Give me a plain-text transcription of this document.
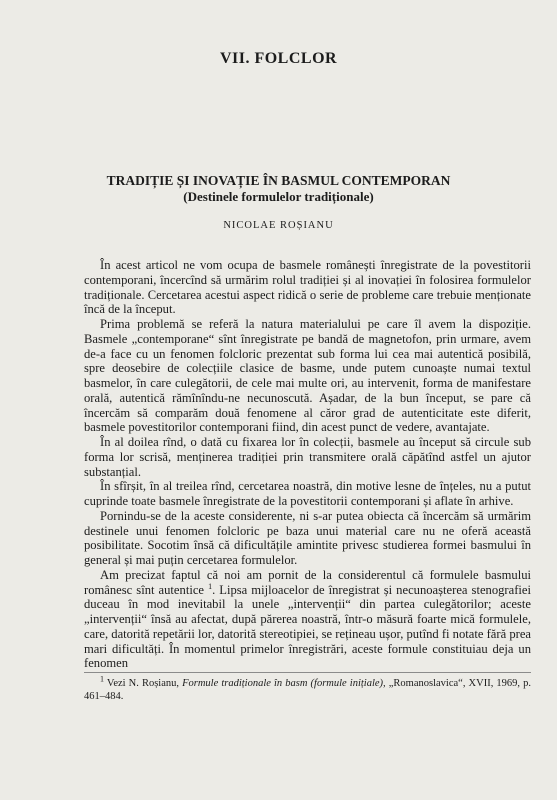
VII. FOLCLOR
TRADIȚIE ȘI INOVAȚIE ÎN BASMUL CONTEMPORAN
(Destinele formulelor tradiționale)
NICOLAE ROȘIANU

În acest articol ne vom ocupa de basmele românești înregistrate de la povestitorii contemporani, încercînd să urmărim rolul tradiției și al inovației în folosirea formulelor tradiționale. Cercetarea acestui aspect ridică o serie de probleme care trebuie menționate încă de la început.

Prima problemă se referă la natura materialului pe care îl avem la dispoziție. Basmele „contemporane“ sînt înregistrate pe bandă de magnetofon, prin urmare, avem de-a face cu un fenomen folcloric prezentat sub forma lui cea mai autentică posibilă, spre deosebire de colecțiile clasice de basme, unde putem cunoaște numai textul basmelor, în care culegătorii, de cele mai multe ori, au intervenit, forma de manifestare orală, autentică rămînîndu-ne necunoscută. Așadar, de la bun început, se pare că încercăm să comparăm două fenomene al căror grad de autenticitate este diferit, basmele povestitorilor contemporani fiind, din acest punct de vedere, avantajate.

În al doilea rînd, o dată cu fixarea lor în colecții, basmele au început să circule sub forma lor scrisă, menținerea tradiției prin transmitere orală căpătînd astfel un ajutor substanțial.

În sfîrșit, în al treilea rînd, cercetarea noastră, din motive lesne de înțeles, nu a putut cuprinde toate basmele înregistrate de la povestitorii contemporani și aflate în arhive.

Pornindu-se de la aceste considerente, ni s-ar putea obiecta că încercăm să urmărim destinele unui fenomen folcloric pe baza unui material care nu ne oferă această posibilitate. Socotim însă că dificultățile amintite privesc studierea formei basmului în general și mai puțin cercetarea formulelor.

Am precizat faptul că noi am pornit de la considerentul că formulele basmului românesc sînt autentice $^1$. Lipsa mijloacelor de înregistrat și necunoașterea stenografiei duceau în mod inevitabil la unele „intervenții“ din partea culegătorilor; aceste „intervenții“ însă au afectat, după părerea noastră, într-o măsură foarte mică formulele, care, datorită repetării lor, datorită stereotipiei, se rețineau ușor, putînd fi notate fără prea mari dificultăți. În momentul primelor înregistrări, aceste formule constituiau deja un fenomen

$^1$ Vezi N. Roșianu, Formule tradiționale în basm (formule inițiale), „Romanoslavica“, XVII, 1969, p. 461–484.
